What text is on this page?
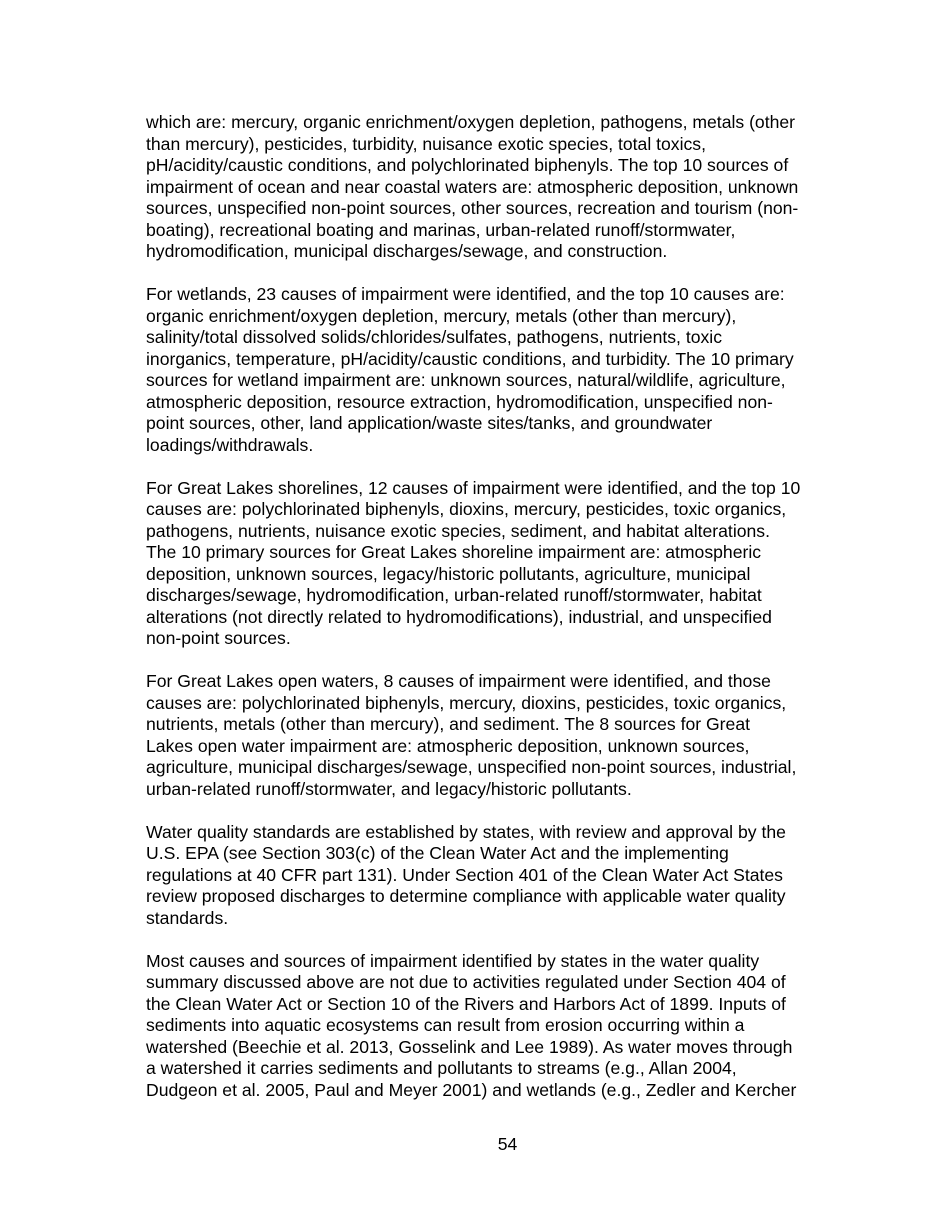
which are: mercury, organic enrichment/oxygen depletion, pathogens, metals (other
than mercury), pesticides, turbidity, nuisance exotic species, total toxics,
pH/acidity/caustic conditions, and polychlorinated biphenyls. The top 10 sources of
impairment of ocean and near coastal waters are: atmospheric deposition, unknown
sources, unspecified non-point sources, other sources, recreation and tourism (non-
boating), recreational boating and marinas, urban-related runoff/stormwater,
hydromodification, municipal discharges/sewage, and construction.

For wetlands, 23 causes of impairment were identified, and the top 10 causes are:
organic enrichment/oxygen depletion, mercury, metals (other than mercury),
salinity/total dissolved solids/chlorides/sulfates, pathogens, nutrients, toxic
inorganics, temperature, pH/acidity/caustic conditions, and turbidity. The 10 primary
sources for wetland impairment are: unknown sources, natural/wildlife, agriculture,
atmospheric deposition, resource extraction, hydromodification, unspecified non-
point sources, other, land application/waste sites/tanks, and groundwater
loadings/withdrawals.

For Great Lakes shorelines, 12 causes of impairment were identified, and the top 10
causes are: polychlorinated biphenyls, dioxins, mercury, pesticides, toxic organics,
pathogens, nutrients, nuisance exotic species, sediment, and habitat alterations.
The 10 primary sources for Great Lakes shoreline impairment are: atmospheric
deposition, unknown sources, legacy/historic pollutants, agriculture, municipal
discharges/sewage, hydromodification, urban-related runoff/stormwater, habitat
alterations (not directly related to hydromodifications), industrial, and unspecified
non-point sources.

For Great Lakes open waters, 8 causes of impairment were identified, and those
causes are: polychlorinated biphenyls, mercury, dioxins, pesticides, toxic organics,
nutrients, metals (other than mercury), and sediment. The 8 sources for Great
Lakes open water impairment are: atmospheric deposition, unknown sources,
agriculture, municipal discharges/sewage, unspecified non-point sources, industrial,
urban-related runoff/stormwater, and legacy/historic pollutants.

Water quality standards are established by states, with review and approval by the
U.S. EPA (see Section 303(c) of the Clean Water Act and the implementing
regulations at 40 CFR part 131). Under Section 401 of the Clean Water Act States
review proposed discharges to determine compliance with applicable water quality
standards.

Most causes and sources of impairment identified by states in the water quality
summary discussed above are not due to activities regulated under Section 404 of
the Clean Water Act or Section 10 of the Rivers and Harbors Act of 1899. Inputs of
sediments into aquatic ecosystems can result from erosion occurring within a
watershed (Beechie et al. 2013, Gosselink and Lee 1989). As water moves through
a watershed it carries sediments and pollutants to streams (e.g., Allan 2004,
Dudgeon et al. 2005, Paul and Meyer 2001) and wetlands (e.g., Zedler and Kercher

54
